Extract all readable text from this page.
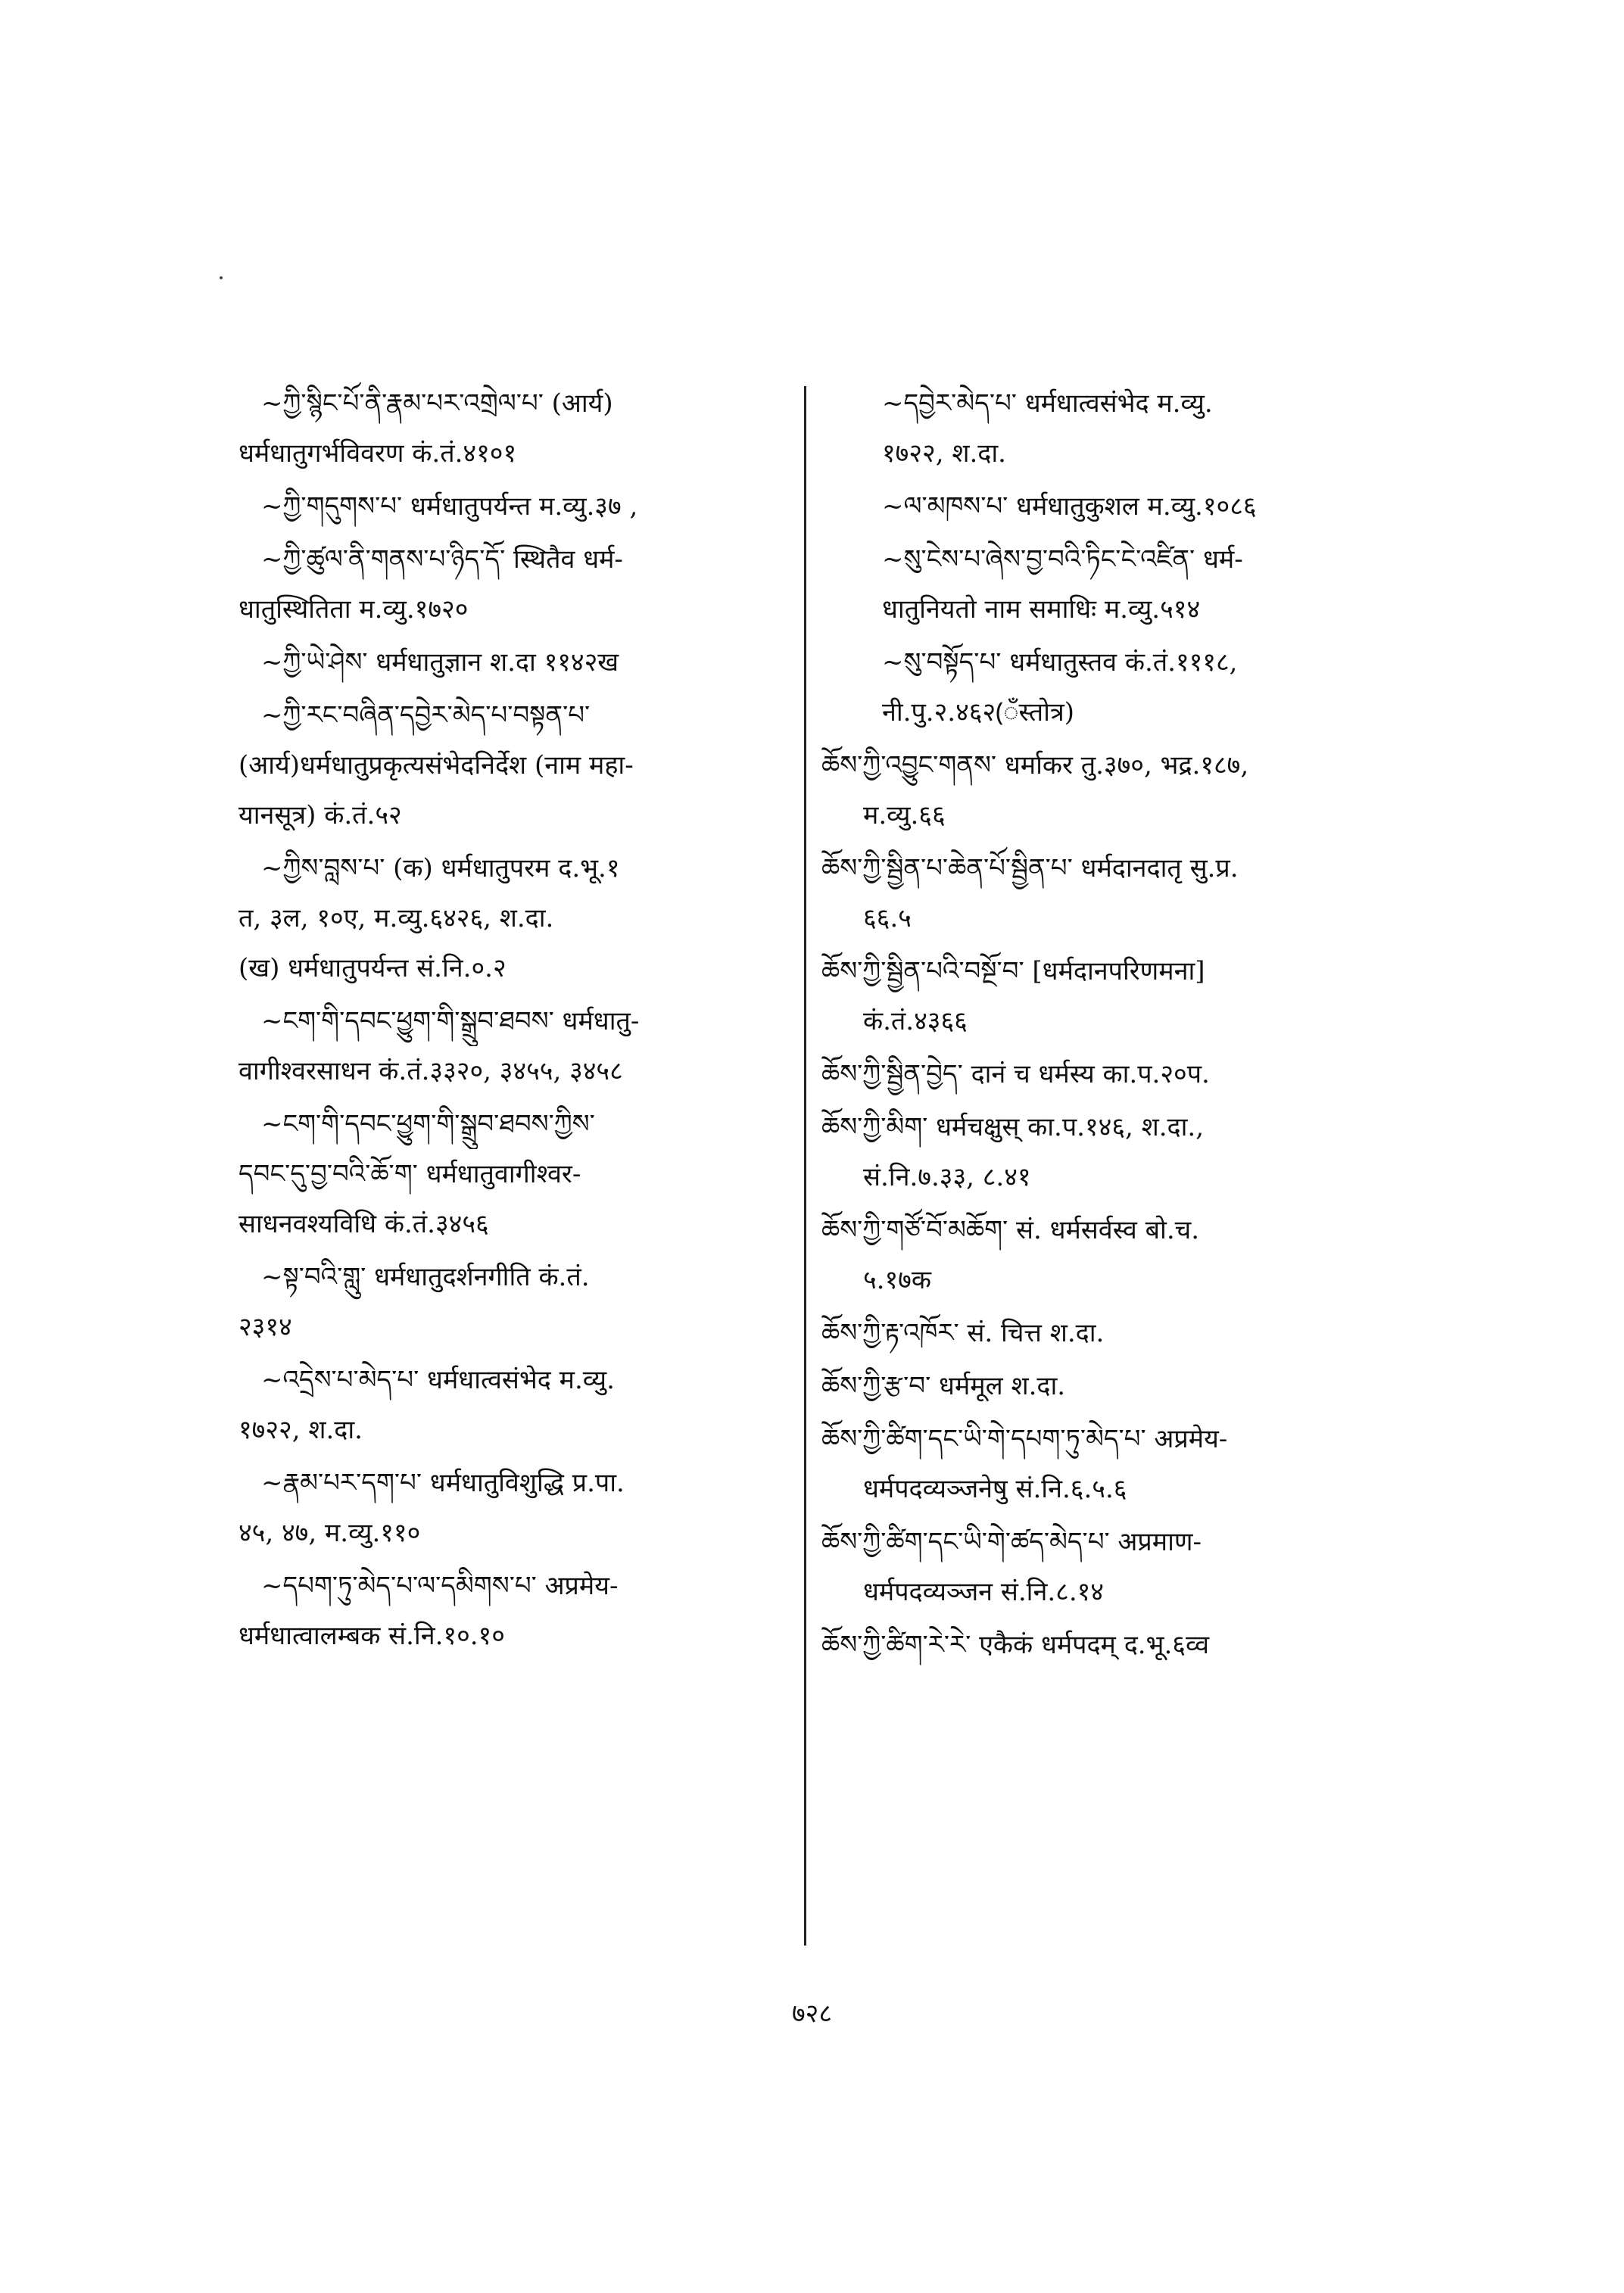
~ཀྱི་སྙིང་པོ་ནི་རྣམ་པར་འགྲེལ་པ་ (आर्य)
धर्मधातुगर्भविवरण कं.तं.४१०१
~ཀྱི་གདུགས་པ་ धर्मधातुपर्यन्त म.व्यु.३७ ,
~ཀྱི་ཚུལ་ནི་གནས་པ་ཉིད་དོ་ स्थितैव धर्म-
धातुस्थितिता म.व्यु.१७२०
~ཀྱི་ཡེ་ཤེས་ धर्मधातुज्ञान श.दा ११४२ख
~ཀྱི་རང་བཞིན་དབྱེར་མེད་པ་བསྟན་པ་
(आर्य)धर्मधातुप्रकृत्यसंभेदनिर्देश (नाम महा-
यानसूत्र) कं.तं.५२
~ཀྱིས་བླས་པ་ (क) धर्मधातुपरम द.भू.१
त, ३ल, १०ए, म.व्यु.६४२६, श.दा.
(ख) धर्मधातुपर्यन्त सं.नि.०.२
~ངག་གི་དབང་ཕྱུག་གི་སྒྲུབ་ཐབས་ धर्मधातु-
वागीश्वरसाधन कं.तं.३३२०, ३४५५, ३४५८
~ངག་གི་དབང་ཕྱུག་གི་སྒྲུབ་ཐབས་ཀྱིས་
དབང་དུ་བྱ་བའི་ཆོ་ག་ धर्मधातुवागीश्वर-
साधनवश्यविधि कं.तं.३४५६
~སྟ་བའི་གླུ་ धर्मधातुदर्शनगीति कं.तं.
२३१४
~འདྲེས་པ་མེད་པ་ धर्मधात्वसंभेद म.व्यु.
१७२२, श.दा.
~རྣམ་པར་དག་པ་ धर्मधातुविशुद्धि प्र.पा.
४५, ४७, म.व्यु.११०
~དཔག་ཏུ་མེད་པ་ལ་དམིགས་པ་ अप्रमेय-
धर्मधात्वालम्बक सं.नि.१०.१०
~དབྱེར་མེད་པ་ धर्मधात्वसंभेद म.व्यु.
१७२२, श.दा.
~ལ་མཁས་པ་ धर्मधातुकुशल म.व्यु.१०८६
~སུ་ངེས་པ་ཞེས་བྱ་བའི་ཏིང་ངེ་འཛིན་ धर्म-
धातुनियतो नाम समाधिः म.व्यु.५१४
~སུ་བསྟོད་པ་ धर्मधातुस्तव कं.तं.१११८,
नी.पु.२.४६२(ँस्तोत्र)
ཆོས་ཀྱི་འབྱུང་གནས་ धर्माकर तु.३७०, भद्र.१८७,
म.व्यु.६६
ཆོས་ཀྱི་སྦྱིན་པ་ཆེན་པོ་སྦྱིན་པ་ धर्मदानदातृ सु.प्र.
६६.५
ཆོས་ཀྱི་སྦྱིན་པའི་བསྔོ་བ་ [धर्मदानपरिणमना]
कं.तं.४३६६
ཆོས་ཀྱི་སྦྱིན་བྱེད་ दानं च धर्मस्य का.प.२०प.
ཆོས་ཀྱི་མིག་ धर्मचक्षुस् का.प.१४६, श.दा.,
सं.नि.७.३३, ८.४१
ཆོས་ཀྱི་གཙོ་བོ་མཆོག་ सं. धर्मसर्वस्व बो.च.
५.१७क
ཆོས་ཀྱི་རྟ་འཁོར་ सं. चित्त श.दा.
ཆོས་ཀྱི་རྩ་བ་ धर्ममूल श.दा.
ཆོས་ཀྱི་ཚིག་དང་ཡི་གེ་དཔག་ཏུ་མེད་པ་ अप्रमेय-
धर्मपदव्यञ्जनेषु सं.नि.६.५.६
ཆོས་ཀྱི་ཚིག་དང་ཡི་གེ་ཚད་མེད་པ་ अप्रमाण-
धर्मपदव्यञ्जन सं.नि.८.१४
ཆོས་ཀྱི་ཚིག་རེ་རེ་ एकैकं धर्मपदम् द.भू.६व्व
७२८
